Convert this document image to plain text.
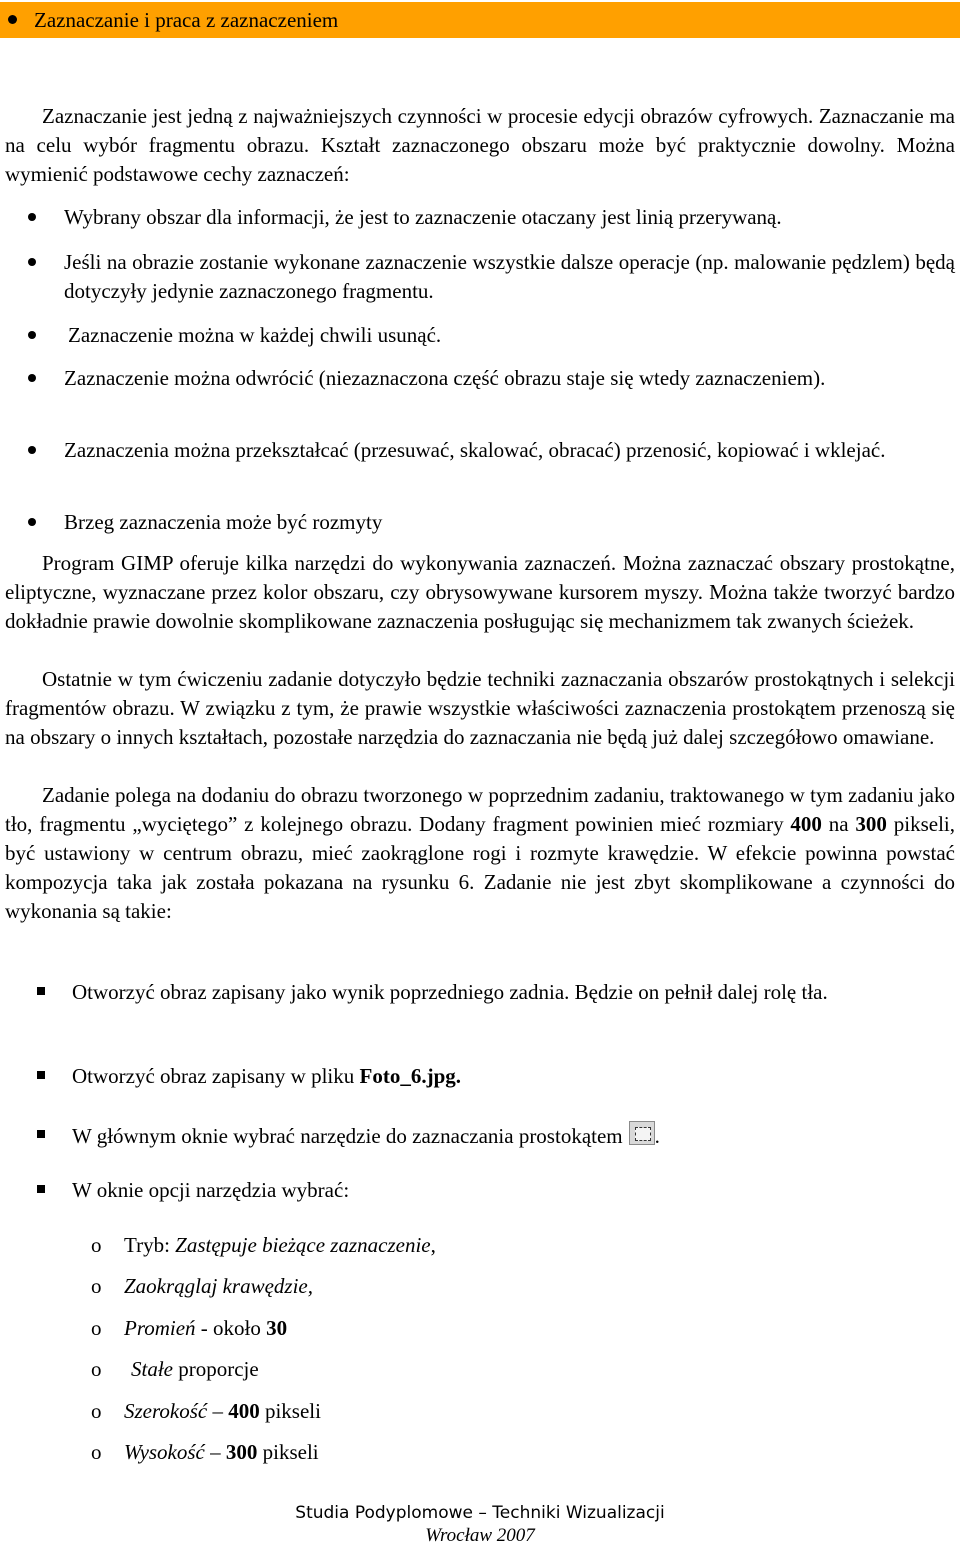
Zaznaczanie i praca z zaznaczeniem
Zaznaczanie jest jedną z najważniejszych czynności w procesie edycji obrazów cyfrowych. Zaznaczanie ma na celu wybór fragmentu obrazu. Kształt zaznaczonego obszaru może być praktycznie dowolny. Można wymienić podstawowe cechy zaznaczeń:
Wybrany obszar dla informacji, że jest to zaznaczenie otaczany jest linią przerywaną.
Jeśli na obrazie zostanie wykonane zaznaczenie wszystkie dalsze operacje (np. malowanie pędzlem) będą dotyczyły jedynie zaznaczonego fragmentu.
Zaznaczenie można w każdej chwili usunąć.
Zaznaczenie można odwrócić (niezaznaczona część obrazu staje się wtedy zaznaczeniem).
Zaznaczenia można przekształcać (przesuwać, skalować, obracać) przenosić, kopiować i wklejać.
Brzeg zaznaczenia może być rozmyty
Program GIMP oferuje kilka narzędzi do wykonywania zaznaczeń. Można zaznaczać obszary prostokątne, eliptyczne, wyznaczane przez kolor obszaru, czy obrysowywane kursorem myszy. Można także tworzyć bardzo dokładnie prawie dowolnie skomplikowane zaznaczenia posługując się mechanizmem tak zwanych ścieżek.
Ostatnie w tym ćwiczeniu zadanie dotyczyło będzie techniki zaznaczania obszarów prostokątnych i selekcji fragmentów obrazu. W związku z tym, że prawie wszystkie właściwości zaznaczenia prostokątem przenoszą się na obszary o innych kształtach, pozostałe narzędzia do zaznaczania nie będą już dalej szczegółowo omawiane.
Zadanie polega na dodaniu do obrazu tworzonego w poprzednim zadaniu, traktowanego w tym zadaniu jako tło, fragmentu „wyciętego” z kolejnego obrazu. Dodany fragment powinien mieć rozmiary 400 na 300 pikseli, być ustawiony w centrum obrazu, mieć zaokrąglone rogi i rozmyte krawędzie. W efekcie powinna powstać kompozycja taka jak została pokazana na rysunku 6. Zadanie nie jest zbyt skomplikowane a czynności do wykonania są takie:
Otworzyć obraz zapisany jako wynik poprzedniego zadnia. Będzie on pełnił dalej rolę tła.
Otworzyć obraz zapisany w pliku Foto_6.jpg.
W głównym oknie wybrać narzędzie do zaznaczania prostokątem .
W oknie opcji narzędzia wybrać:
o Tryb: Zastępuje bieżące zaznaczenie,
o Zaokrąglaj krawędzie,
o Promień - około 30
o Stałe proporcje
o Szerokość – 400 pikseli
o Wysokość – 300 pikseli
Studia Podyplomowe – Techniki Wizualizacji
Wrocław 2007
